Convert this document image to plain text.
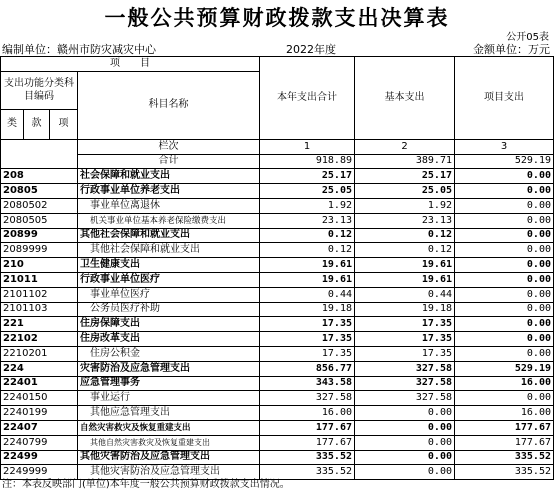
一般公共预算财政拨款支出决算表
公开05表
编制单位：赣州市防灾减灾中心	2022年度	金额单位：万元
项　　目				本年支出合计	基本支出	项目支出
支出功能分类科目编码			科目名称			
类	款	项				
			栏次	1	2	3
			合计	918.89	389.71	529.19
208			社会保障和就业支出	25.17	25.17	0.00
20805			行政事业单位养老支出	25.05	25.05	0.00
2080502			事业单位离退休	1.92	1.92	0.00
2080505			机关事业单位基本养老保险缴费支出	23.13	23.13	0.00
20899			其他社会保障和就业支出	0.12	0.12	0.00
2089999			其他社会保障和就业支出	0.12	0.12	0.00
210			卫生健康支出	19.61	19.61	0.00
21011			行政事业单位医疗	19.61	19.61	0.00
2101102			事业单位医疗	0.44	0.44	0.00
2101103			公务员医疗补助	19.18	19.18	0.00
221			住房保障支出	17.35	17.35	0.00
22102			住房改革支出	17.35	17.35	0.00
2210201			住房公积金	17.35	17.35	0.00
224			灾害防治及应急管理支出	856.77	327.58	529.19
22401			应急管理事务	343.58	327.58	16.00
2240150			事业运行	327.58	327.58	0.00
2240199			其他应急管理支出	16.00	0.00	16.00
22407			自然灾害救灾及恢复重建支出	177.67	0.00	177.67
2240799			其他自然灾害救灾及恢复重建支出	177.67	0.00	177.67
22499			其他灾害防治及应急管理支出	335.52	0.00	335.52
2249999			其他灾害防治及应急管理支出	335.52	0.00	335.52
注：本表反映部门(单位)本年度一般公共预算财政拨款支出情况。
